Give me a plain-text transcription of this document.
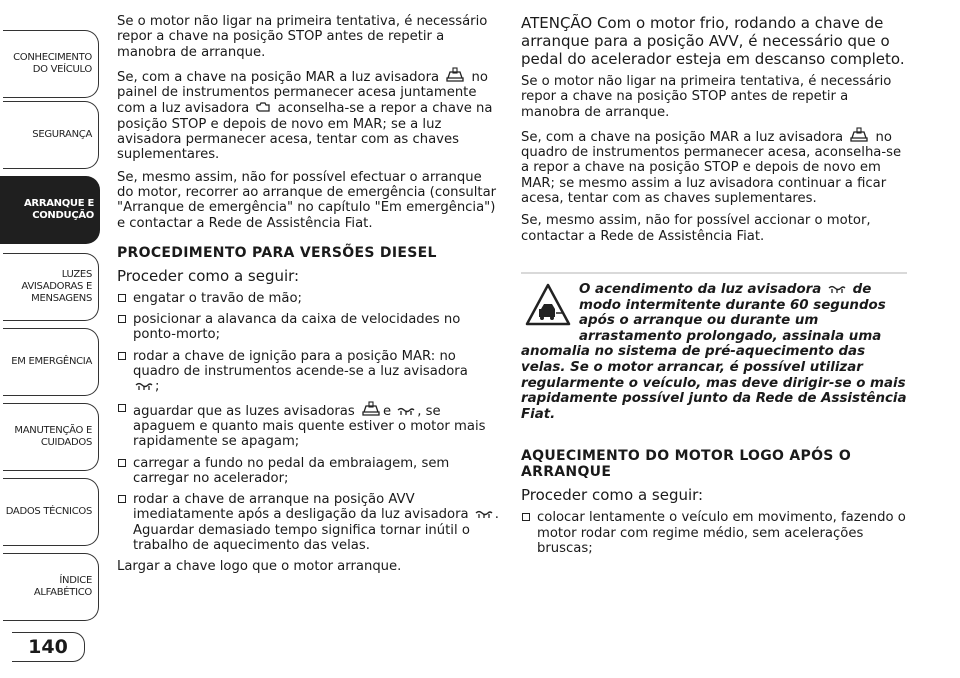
CONHECIMENTO DO VEÍCULO
SEGURANÇA
ARRANQUE E CONDUÇÃO
LUZES AVISADORAS E MENSAGENS
EM EMERGÊNCIA
MANUTENÇÃO E CUIDADOS
DADOS TÉCNICOS
ÍNDICE ALFABÉTICO
140

Se o motor não ligar na primeira tentativa, é necessário repor a chave na posição STOP antes de repetir a manobra de arranque.

Se, com a chave na posição MAR a luz avisadora no painel de instrumentos permanecer acesa juntamente com a luz avisadora aconselha-se a repor a chave na posição STOP e depois de novo em MAR; se a luz avisadora permanecer acesa, tentar com as chaves suplementares.

Se, mesmo assim, não for possível efectuar o arranque do motor, recorrer ao arranque de emergência (consultar "Arranque de emergência" no capítulo "Em emergência") e contactar a Rede de Assistência Fiat.

PROCEDIMENTO PARA VERSÕES DIESEL

Proceder como a seguir:

engatar o travão de mão;
posicionar a alavanca da caixa de velocidades no ponto-morto;
rodar a chave de ignição para a posição MAR: no quadro de instrumentos acende-se a luz avisadora
;
aguardar que as luzes avisadoras e , se apaguem e quanto mais quente estiver o motor mais rapidamente se apagam;
carregar a fundo no pedal da embraiagem, sem carregar no acelerador;
rodar a chave de arranque na posição AVV imediatamente após a desligação da luz avisadora . Aguardar demasiado tempo significa tornar inútil o trabalho de aquecimento das velas.

Largar a chave logo que o motor arranque.

ATENÇÃO Com o motor frio, rodando a chave de arranque para a posição AVV, é necessário que o pedal do acelerador esteja em descanso completo.

Se o motor não ligar na primeira tentativa, é necessário repor a chave na posição STOP antes de repetir a manobra de arranque.

Se, com a chave na posição MAR a luz avisadora no quadro de instrumentos permanecer acesa, aconselha-se a repor a chave na posição STOP e depois de novo em MAR; se mesmo assim a luz avisadora continuar a ficar acesa, tentar com as chaves suplementares.

Se, mesmo assim, não for possível accionar o motor, contactar a Rede de Assistência Fiat.

O acendimento da luz avisadora de modo intermitente durante 60 segundos após o arranque ou durante um arrastamento prolongado, assinala uma anomalia no sistema de pré-aquecimento das velas. Se o motor arrancar, é possível utilizar regularmente o veículo, mas deve dirigir-se o mais rapidamente possível junto da Rede de Assistência Fiat.
AQUECIMENTO DO MOTOR LOGO APÓS O ARRANQUE

Proceder como a seguir:

colocar lentamente o veículo em movimento, fazendo o motor rodar com regime médio, sem acelerações bruscas;
